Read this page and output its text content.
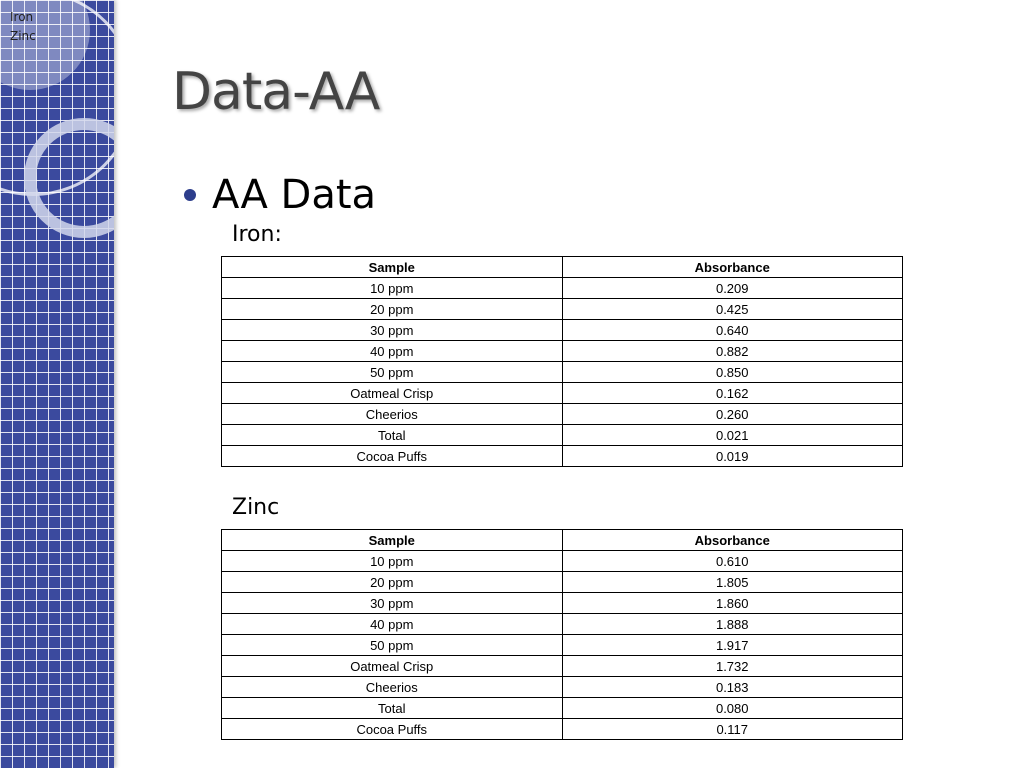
Iron
Zinc
Data-AA
AA Data
Iron:
Sample	Absorbance
10 ppm	0.209
20 ppm	0.425
30 ppm	0.640
40 ppm	0.882
50 ppm	0.850
Oatmeal Crisp	0.162
Cheerios	0.260
Total	0.021
Cocoa Puffs	0.019
Zinc
Sample	Absorbance
10 ppm	0.610
20 ppm	1.805
30 ppm	1.860
40 ppm	1.888
50 ppm	1.917
Oatmeal Crisp	1.732
Cheerios	0.183
Total	0.080
Cocoa Puffs	0.117
